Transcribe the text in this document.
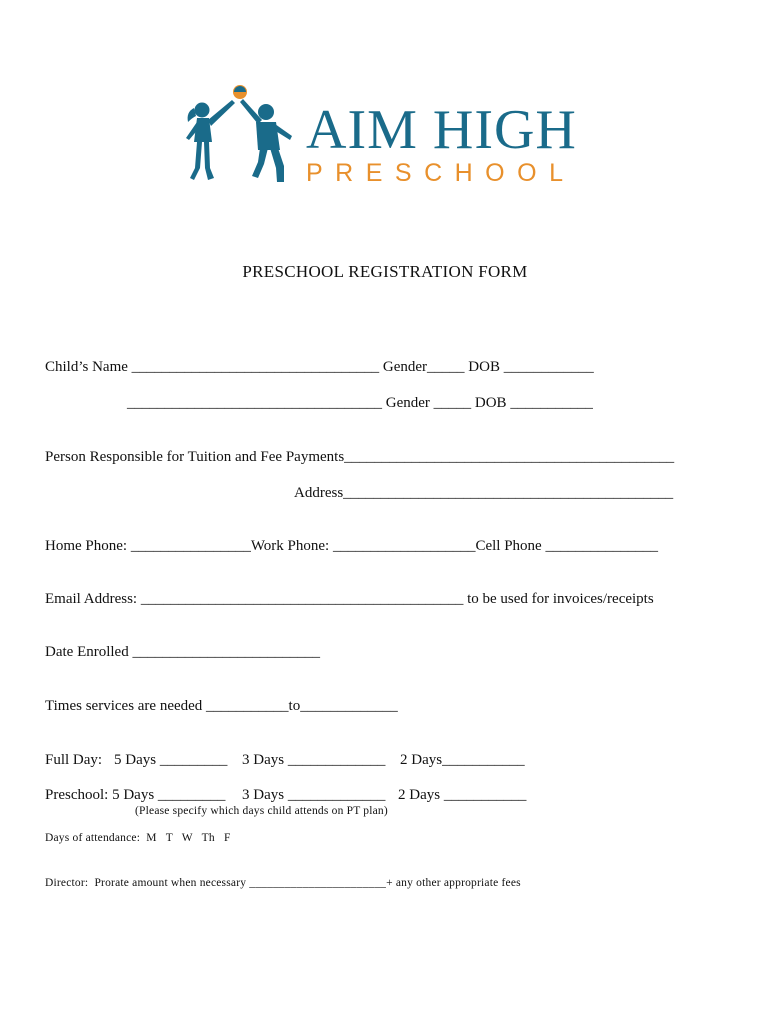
AIM HIGH
PRESCHOOL
PRESCHOOL REGISTRATION FORM
Child’s Name _________________________________ Gender_____ DOB ____________
__________________________________ Gender _____ DOB ___________
Person Responsible for Tuition and Fee Payments____________________________________________
Address____________________________________________
Home Phone: ________________Work Phone: ___________________Cell Phone _______________
Email Address: ___________________________________________ to be used for invoices/receipts
Date Enrolled _________________________
Times services are needed ___________to_____________
Full Day: 5 Days _________ 3 Days _____________ 2 Days___________
Preschool: 5 Days _________ 3 Days _____________ 2 Days ___________
(Please specify which days child attends on PT plan)
Days of attendance:  M   T   W   Th   F
Director:  Prorate amount when necessary _______________________+ any other appropriate fees
